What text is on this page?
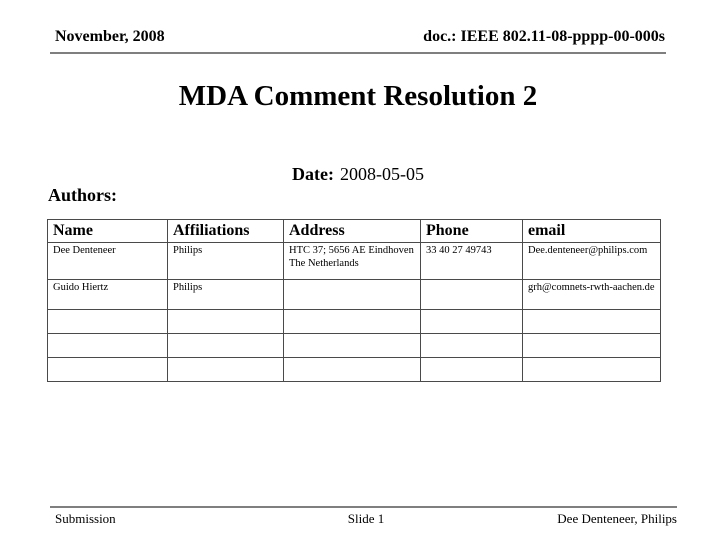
November, 2008	doc.: IEEE 802.11-08-pppp-00-000s
MDA Comment Resolution 2
Date: 2008-05-05
Authors:
Name	Affiliations	Address	Phone	email
Dee Denteneer	Philips	HTC 37; 5656 AE Eindhoven The Netherlands	33 40 27 49743	Dee.denteneer@philips.com
Guido Hiertz	Philips			grh@comnets-rwth-aachen.de

Slide 1
Submission	Dee Denteneer, Philips
